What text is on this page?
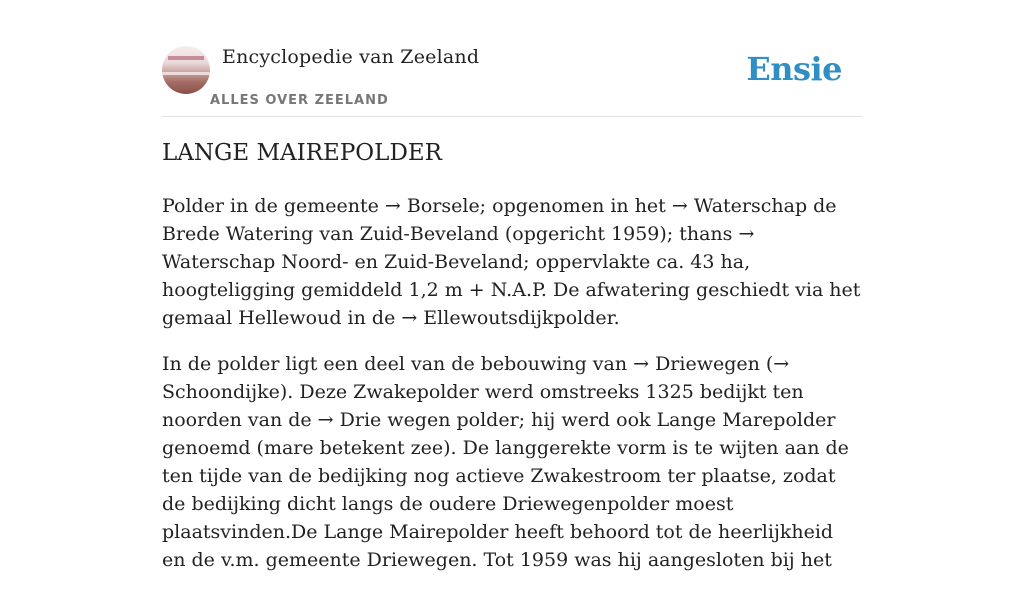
Encyclopedie van Zeeland
ALLES OVER ZEELAND
Ensie
LANGE MAIREPOLDER

Polder in de gemeente → Borsele; opgenomen in het → Waterschap de Brede Watering van Zuid-Beveland (opgericht 1959); thans → Waterschap Noord- en Zuid-Beveland; oppervlakte ca. 43 ha, hoogteligging gemiddeld 1,2 m + N.A.P. De afwatering geschiedt via het gemaal Hellewoud in de → Ellewoutsdijkpolder.

In de polder ligt een deel van de bebouwing van → Driewegen (→ Schoondijke). Deze Zwakepolder werd omstreeks 1325 bedijkt ten noorden van de → Drie wegen polder; hij werd ook Lange Marepolder genoemd (mare betekent zee). De langgerekte vorm is te wijten aan de ten tijde van de bedijking nog actieve Zwakestroom ter plaatse, zodat de bedijking dicht langs de oudere Driewegenpolder moest plaatsvinden.De Lange Mairepolder heeft behoord tot de heerlijkheid en de v.m. gemeente Driewegen. Tot 1959 was hij aangesloten bij het
